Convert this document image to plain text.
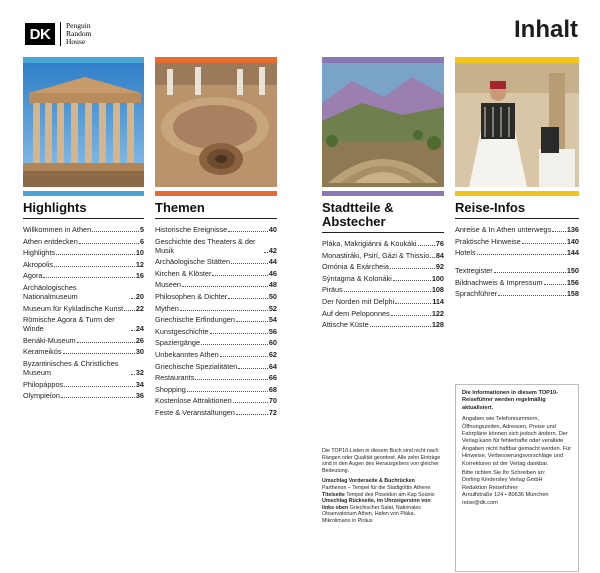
DK	Penguin
Random
House	Inhalt
Highlights
Willkommen in Athen	5
Athen entdecken	6
Highlights	10
Akropolis	12
Agora	16
Archäologisches Nationalmuseum	20
Museum für Kykladische Kunst 22
Römische Agora & Turm der Winde	24
Benáki-Museum	26
Kerameikós	30
Byzantinisches & Christliches Museum	32
Philopáppos	34
Olympieíon	36
Themen
Historische Ereignisse	40
Geschichte des Theaters & der Musik	42
Archäologische Stätten	44
Kirchen & Klöster	46
Museen	48
Philosophen & Dichter	50
Mythen	52
Griechische Erfindungen	54
Kunstgeschichte	56
Spaziergänge	60
Unbekanntes Athen	62
Griechische Spezialitäten	64
Restaurants	66
Shopping	68
Kostenlose Attraktionen	70
Feste & Veranstaltungen	72
Stadtteile & Abstecher
Pláka, Makrigiánni & Koukáki	76
Monastiráki, Psirí, Gázi & Thissío 84
Omónia & Exárcheia	92
Sýntagma & Kolonáki	100
Piräus	108
Der Norden mit Delphi	114
Auf dem Peloponnes	122
Attische Küste	128
Reise-Infos
Anreise & In Athen unterwegs 136
Praktische Hinweise	140
Hotels	144
Textregister	150
Bildnachweis & Impressum	156
Sprachführer	158

Die TOP10-Listen in diesem Buch sind nicht nach Rängen oder Qualität geordnet. Alle zehn Einträge sind in den Augen des Herausgebers von gleicher Bedeutung.

Umschlag Vorderseite & Buchrücken
Parthenon – Tempel für die Stadtgöttin Athene
Titelseite Tempel des Poseidon am Kap Soúnio
Umschlag Rückseite, im Uhrzeigersinn von links oben Griechischer Salat, Nationales Observatorium Athen, Hafen von Pláka, Mikrolimano in Piräus

Die Informationen in diesem TOP10-Reiseführer werden regelmäßig aktualisiert.
Angaben wie Telefonnummern, Öffnungszeiten, Adressen, Preise und Fahrpläne können sich jedoch ändern. Der Verlag kann für fehlerhafte oder veraltete Angaben nicht haftbar gemacht werden. Für Hinweise, Verbesserungsvorschläge und Korrekturen ist der Verlag dankbar.
Bitte richten Sie Ihr Schreiben an:
Dorling Kindersley Verlag GmbH
Redaktion Reiseführer
Arnulfstraße 124 • 80636 München
reise@dk.com
